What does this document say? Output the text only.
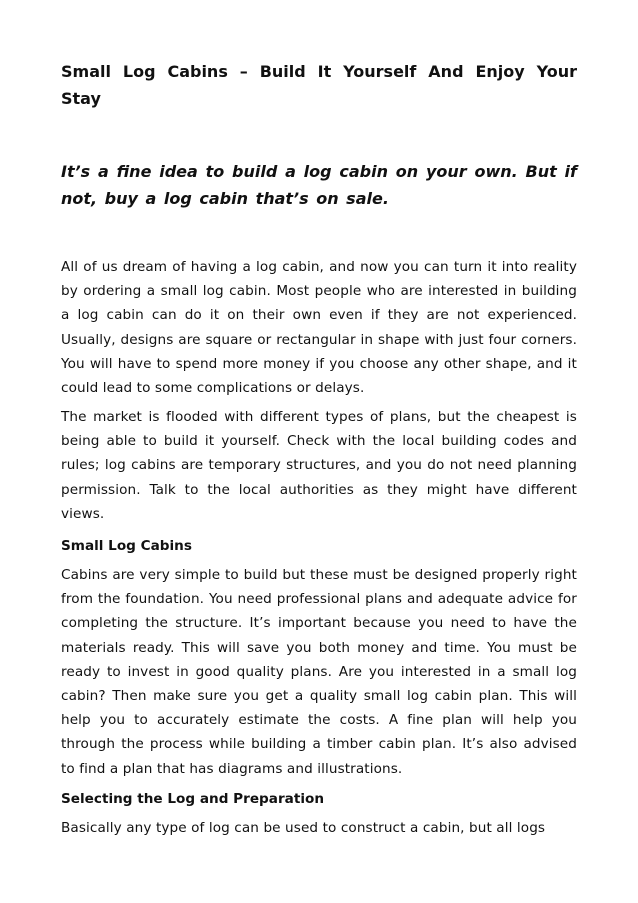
Small Log Cabins – Build It Yourself And Enjoy Your Stay

It’s a fine idea to build a log cabin on your own. But if not, buy a log cabin that’s on sale.

All of us dream of having a log cabin, and now you can turn it into reality by ordering a small log cabin. Most people who are interested in building a log cabin can do it on their own even if they are not experienced. Usually, designs are square or rectangular in shape with just four corners. You will have to spend more money if you choose any other shape, and it could lead to some complications or delays.

The market is flooded with different types of plans, but the cheapest is being able to build it yourself. Check with the local building codes and rules; log cabins are temporary structures, and you do not need planning permission. Talk to the local authorities as they might have different views.

Small Log Cabins

Cabins are very simple to build but these must be designed properly right from the foundation. You need professional plans and adequate advice for completing the structure. It’s important because you need to have the materials ready. This will save you both money and time. You must be ready to invest in good quality plans. Are you interested in a small log cabin? Then make sure you get a quality small log cabin plan. This will help you to accurately estimate the costs. A fine plan will help you through the process while building a timber cabin plan. It’s also advised to find a plan that has diagrams and illustrations.

Selecting the Log and Preparation

Basically any type of log can be used to construct a cabin, but all logs
